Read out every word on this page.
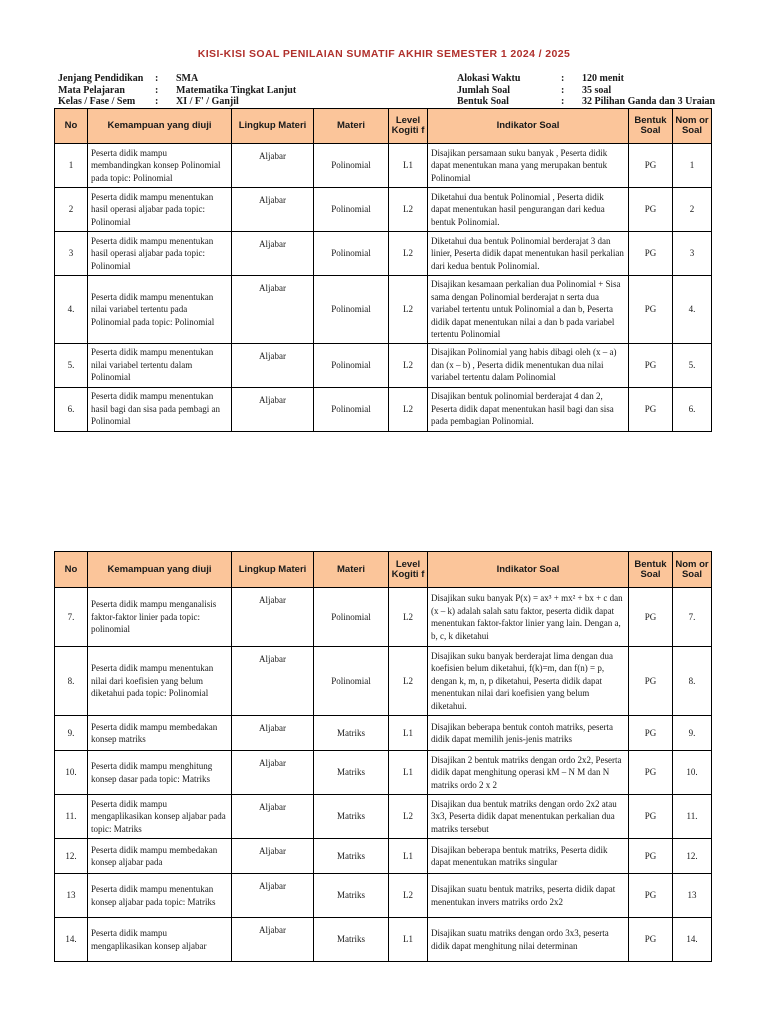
KISI-KISI SOAL PENILAIAN SUMATIF AKHIR SEMESTER 1 2024 / 2025
Jenjang Pendidikan	:	SMA
Mata Pelajaran	:	Matematika Tingkat Lanjut
Kelas / Fase / Sem	:	XI / F' / Ganjil
Alokasi Waktu	:	120 menit
Jumlah Soal	:	35 soal
Bentuk Soal	:	32 Pilihan Ganda dan 3 Uraian
No	Kemampuan yang diuji	Lingkup Materi	Materi	Level Kogiti f	Indikator Soal	Bentuk Soal	Nom or Soal
1	Peserta didik mampu membandingkan konsep Polinomial pada topic: Polinomial	Aljabar	Polinomial	L1	Disajikan persamaan suku banyak , Peserta didik dapat menentukan mana yang merupakan bentuk Polinomial	PG	1
2	Peserta didik mampu menentukan hasil operasi aljabar pada topic: Polinomial	Aljabar	Polinomial	L2	Diketahui dua bentuk Polinomial , Peserta didik dapat menentukan hasil pengurangan dari kedua bentuk Polinomial.	PG	2
3	Peserta didik mampu menentukan hasil operasi aljabar pada topic: Polinomial	Aljabar	Polinomial	L2	Diketahui dua bentuk Polinomial berderajat 3 dan linier, Peserta didik dapat menentukan hasil perkalian dari kedua bentuk Polinomial.	PG	3
4.	Peserta didik mampu menentukan nilai variabel tertentu pada Polinomial pada topic: Polinomial	Aljabar	Polinomial	L2	Disajikan kesamaan perkalian dua Polinomial + Sisa sama dengan Polinomial berderajat n serta dua variabel tertentu untuk Polinomial a dan b, Peserta didik dapat menentukan nilai a dan b pada variabel tertentu Polinomial	PG	4.
5.	Peserta didik mampu menentukan nilai variabel tertentu dalam Polinomial	Aljabar	Polinomial	L2	Disajikan Polinomial yang habis dibagi oleh (x – a) dan (x – b) , Peserta didik menentukan dua nilai variabel tertentu dalam Polinomial	PG	5.
6.	Peserta didik mampu menentukan hasil bagi dan sisa pada pembagi an Polinomial	Aljabar	Polinomial	L2	Disajikan bentuk polinomial berderajat 4 dan 2, Peserta didik dapat menentukan hasil bagi dan sisa pada pembagian Polinomial.	PG	6.
No	Kemampuan yang diuji	Lingkup Materi	Materi	Level Kogiti f	Indikator Soal	Bentuk Soal	Nom or Soal
7.	Peserta didik mampu menganalisis faktor-faktor linier pada topic: polinomial	Aljabar	Polinomial	L2	Disajikan suku banyak P(x) = ax³ + mx² + bx + c dan (x – k) adalah salah satu faktor, peserta didik dapat menentukan faktor-faktor linier yang lain. Dengan a, b, c, k diketahui	PG	7.
8.	Peserta didik mampu menentukan nilai dari koefisien yang belum diketahui pada topic: Polinomial	Aljabar	Polinomial	L2	Disajikan suku banyak berderajat lima dengan dua koefisien belum diketahui, f(k)=m, dan f(n) = p, dengan k, m, n, p diketahui, Peserta didik dapat menentukan nilai dari koefisien yang belum diketahui.	PG	8.
9.	Peserta didik mampu membedakan konsep matriks	Aljabar	Matriks	L1	Disajikan beberapa bentuk contoh matriks, peserta didik dapat memilih jenis-jenis matriks	PG	9.
10.	Peserta didik mampu menghitung konsep dasar pada topic: Matriks	Aljabar	Matriks	L1	Disajikan 2 bentuk matriks dengan ordo 2x2, Peserta didik dapat menghitung operasi kM – N M dan N matriks ordo 2 x 2	PG	10.
11.	Peserta didik mampu mengaplikasikan konsep aljabar pada topic: Matriks	Aljabar	Matriks	L2	Disajikan dua bentuk matriks dengan ordo 2x2 atau 3x3, Peserta didik dapat menentukan perkalian dua matriks tersebut	PG	11.
12.	Peserta didik mampu membedakan konsep aljabar pada	Aljabar	Matriks	L1	Disajikan beberapa bentuk matriks, Peserta didik dapat menentukan matriks singular	PG	12.
13	Peserta didik mampu menentukan konsep aljabar pada topic: Matriks	Aljabar	Matriks	L2	Disajikan suatu bentuk matriks, peserta didik dapat menentukan invers matriks ordo 2x2	PG	13
14.	Peserta didik mampu mengaplikasikan konsep aljabar	Aljabar	Matriks	L1	Disajikan suatu matriks dengan ordo 3x3, peserta didik dapat menghitung nilai determinan	PG	14.
